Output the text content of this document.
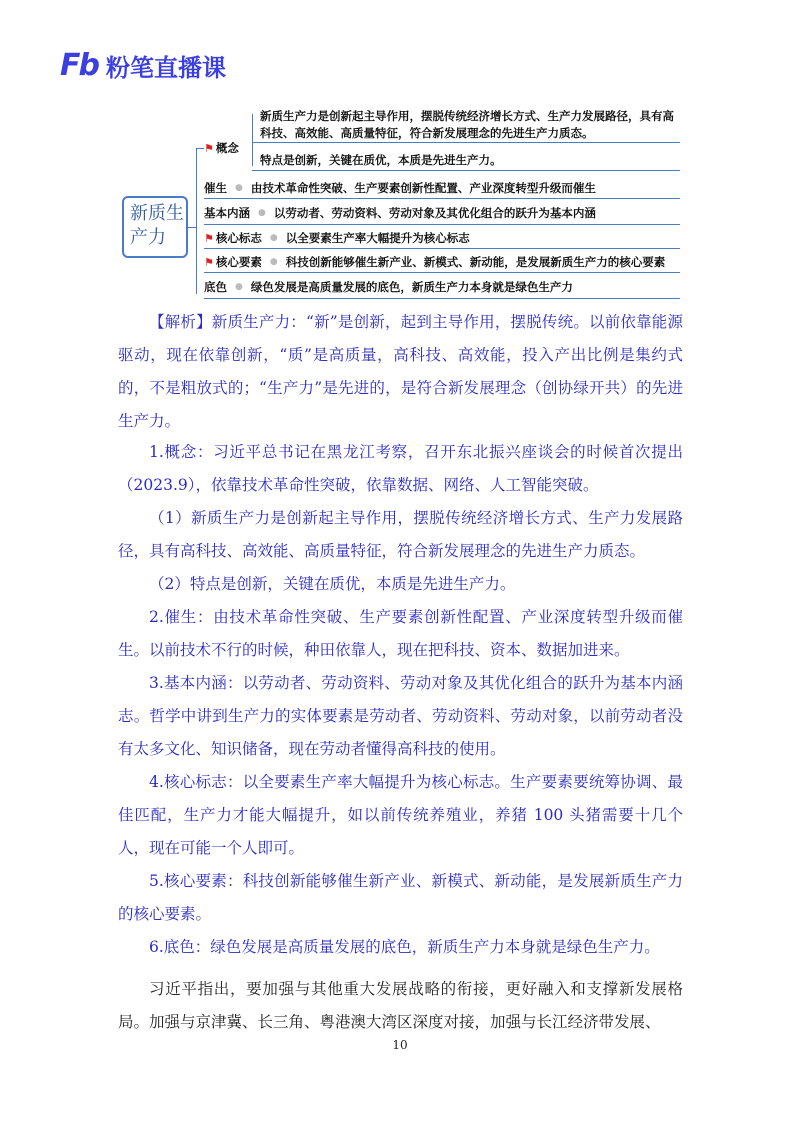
Fb 粉笔直播课
新质生产力
⚑ 概念
新质生产力是创新起主导作用，摆脱传统经济增长方式、生产力发展路径，具有高科技、高效能、高质量特征，符合新发展理念的先进生产力质态。
特点是创新，关键在质优，本质是先进生产力。
催生 ● 由技术革命性突破、生产要素创新性配置、产业深度转型升级而催生
基本内涵 ● 以劳动者、劳动资料、劳动对象及其优化组合的跃升为基本内涵
⚑ 核心标志 ● 以全要素生产率大幅提升为核心标志
⚑ 核心要素 ● 科技创新能够催生新产业、新模式、新动能，是发展新质生产力的核心要素
底色 ● 绿色发展是高质量发展的底色，新质生产力本身就是绿色生产力

【解析】新质生产力：“新”是创新，起到主导作用，摆脱传统。以前依靠能源驱动，现在依靠创新，“质”是高质量，高科技、高效能，投入产出比例是集约式的，不是粗放式的；“生产力”是先进的，是符合新发展理念（创协绿开共）的先进生产力。

1.概念：习近平总书记在黑龙江考察，召开东北振兴座谈会的时候首次提出（2023.9），依靠技术革命性突破，依靠数据、网络、人工智能突破。

（1）新质生产力是创新起主导作用，摆脱传统经济增长方式、生产力发展路径，具有高科技、高效能、高质量特征，符合新发展理念的先进生产力质态。

（2）特点是创新，关键在质优，本质是先进生产力。

2.催生：由技术革命性突破、生产要素创新性配置、产业深度转型升级而催生。以前技术不行的时候，种田依靠人，现在把科技、资本、数据加进来。

3.基本内涵：以劳动者、劳动资料、劳动对象及其优化组合的跃升为基本内涵志。哲学中讲到生产力的实体要素是劳动者、劳动资料、劳动对象，以前劳动者没有太多文化、知识储备，现在劳动者懂得高科技的使用。

4.核心标志：以全要素生产率大幅提升为核心标志。生产要素要统筹协调、最佳匹配，生产力才能大幅提升，如以前传统养殖业，养猪 100 头猪需要十几个人，现在可能一个人即可。

5.核心要素：科技创新能够催生新产业、新模式、新动能，是发展新质生产力的核心要素。

6.底色：绿色发展是高质量发展的底色，新质生产力本身就是绿色生产力。

习近平指出，要加强与其他重大发展战略的衔接，更好融入和支撑新发展格局。加强与京津冀、长三角、粤港澳大湾区深度对接，加强与长江经济带发展、

10
